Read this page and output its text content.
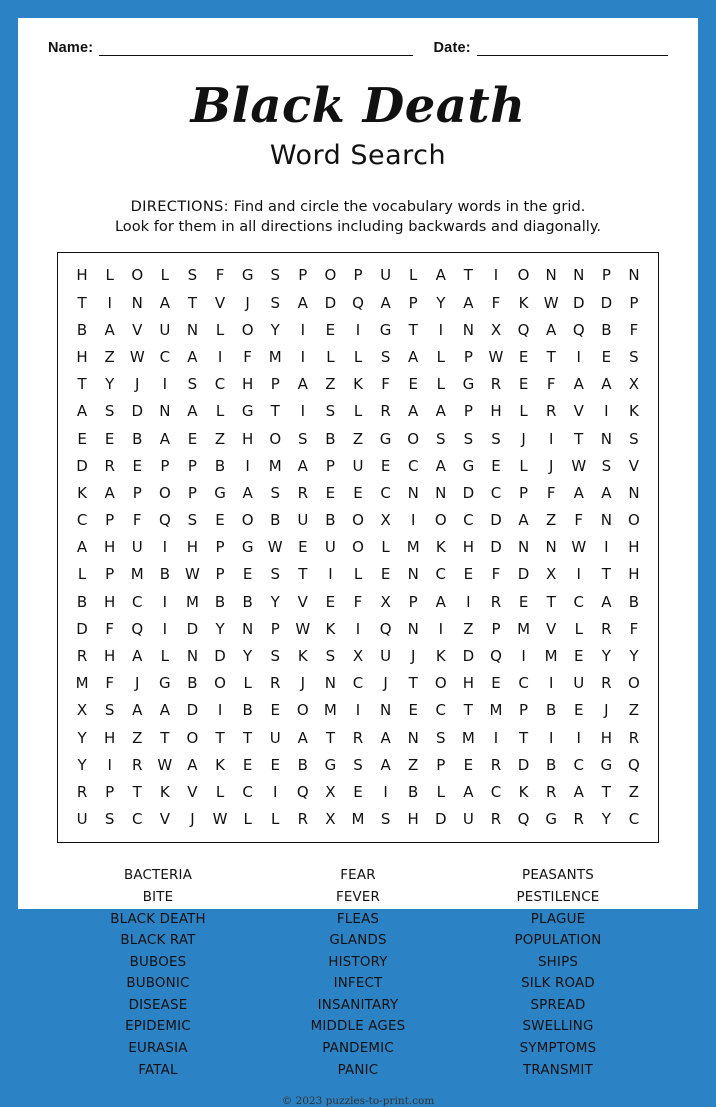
Name:	Date:
Black Death
Word Search
DIRECTIONS: Find and circle the vocabulary words in the grid.
Look for them in all directions including backwards and diagonally.
H	L	O	L	S	F	G	S	P	O	P	U	L	A	T	I	O	N	N	P	N
T	I	N	A	T	V	J	S	A	D	Q	A	P	Y	A	F	K	W D	D	P
B	A	V	U	N	L	O	Y	I	E	I	G	T	I	N	X	Q	A	Q	B	F
H	Z	W C	A	I	F	M	I	L	L	S	A	L	P	W	E	T	I	E	S
T	Y	J	I	S	C	H	P	A	Z	K	F	E	L	G	R	E	F	A	A	X
A	S	D	N	A	L	G	T	I	S	L	R	A	A	P	H	L	R	V	I	K
E	E	B	A	E	Z	H	O	S	B	Z	G	O	S	S	S	J	I	T	N	S
D	R	E	P	P	B	I	M	A	P	U	E	C	A	G	E	L	J	W	S	V
K	A	P	O	P	G	A	S	R	E	E	C	N	N	D	C	P	F	A	A	N
C	P	F	Q	S	E	O	B	U	B	O	X	I	O	C	D	A	Z	F	N	O
A	H	U	I	H	P	G W	E	U	O	L	M	K	H	D	N	N W	I	H
L	P	M	B	W	P	E	S	T	I	L	E	N	C	E	F	D	X	I	T	H
B	H	C	I	M	B	B	Y	V	E	F	X	P	A	I	R	E	T	C	A	B
D	F	Q	I	D	Y	N	P	W	K	I	Q	N	I	Z	P	M	V	L	R	F
R	H	A	L	N	D	Y	S	K	S	X	U	J	K	D	Q	I	M	E	Y	Y
M	F	J	G	B	O	L	R	J	N	C	J	T	O	H	E	C	I	U	R	O
X	S	A	A	D	I	B	E	O	M	I	N	E	C	T	M	P	B	E	J	Z
Y	H	Z	T	O	T	T	U	A	T	R	A	N	S	M	I	T	I	I	H	R
Y	I	R W	A	K	E	E	B	G	S	A	Z	P	E	R	D	B	C	G	Q
R	P	T	K	V	L	C	I	Q	X	E	I	B	L	A	C	K	R	A	T	Z
U	S	C	V	J	W	L	L	R	X	M	S	H	D	U	R	Q	G	R	Y	C
BACTERIA
BITE
BLACK DEATH
BLACK RAT
BUBOES
BUBONIC
DISEASE
EPIDEMIC
EURASIA
FATAL
FEAR
FEVER
FLEAS
GLANDS
HISTORY
INFECT
INSANITARY
MIDDLE AGES
PANDEMIC
PANIC
PEASANTS
PESTILENCE
PLAGUE
POPULATION
SHIPS
SILK ROAD
SPREAD
SWELLING
SYMPTOMS
TRANSMIT
© 2023 puzzles-to-print.com
